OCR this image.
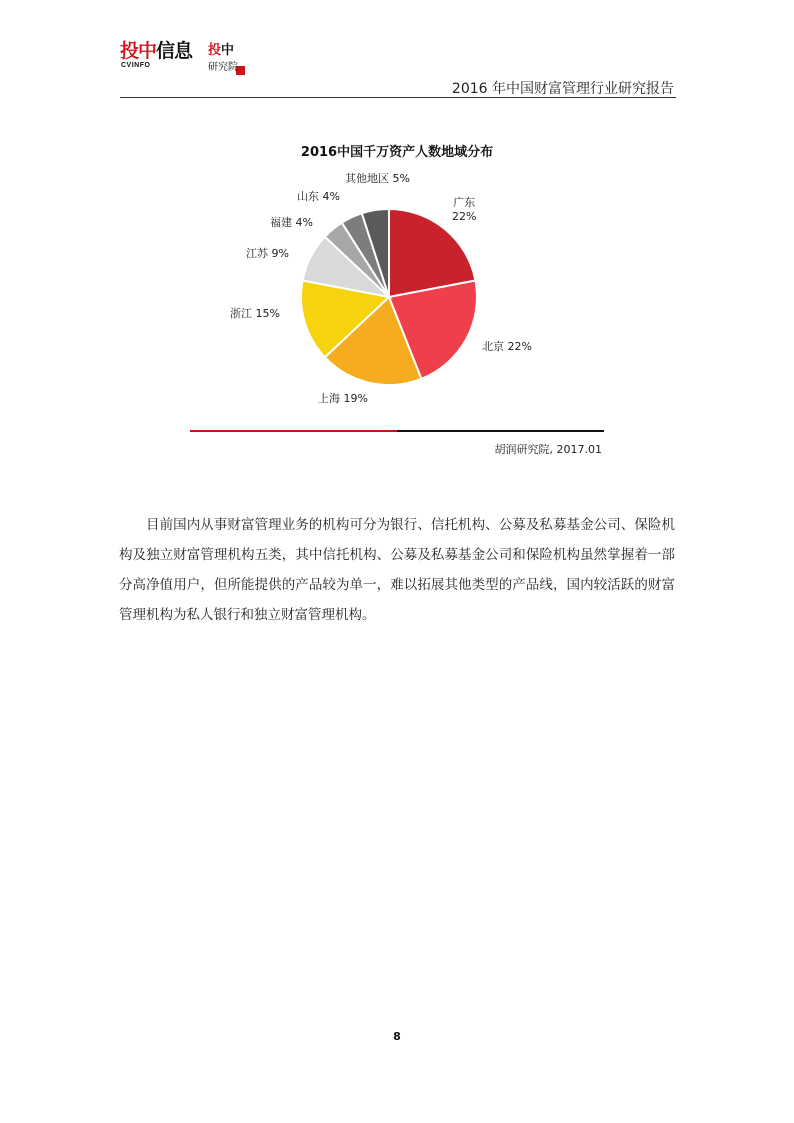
投中信息
CVINFO
投 中
研究院
2016 年中国财富管理行业研究报告
2016中国千万资产人数地域分布
广东
22%
北京 22%
上海 19%
浙江 15%
江苏 9%
福建 4%
山东 4%
其他地区 5%
胡润研究院, 2017.01

目前国内从事财富管理业务的机构可分为银行、信托机构、公募及私募基金公司、保险机构及独立财富管理机构五类，其中信托机构、公募及私募基金公司和保险机构虽然掌握着一部分高净值用户，但所能提供的产品较为单一，难以拓展其他类型的产品线，国内较活跃的财富管理机构为私人银行和独立财富管理机构。

8
